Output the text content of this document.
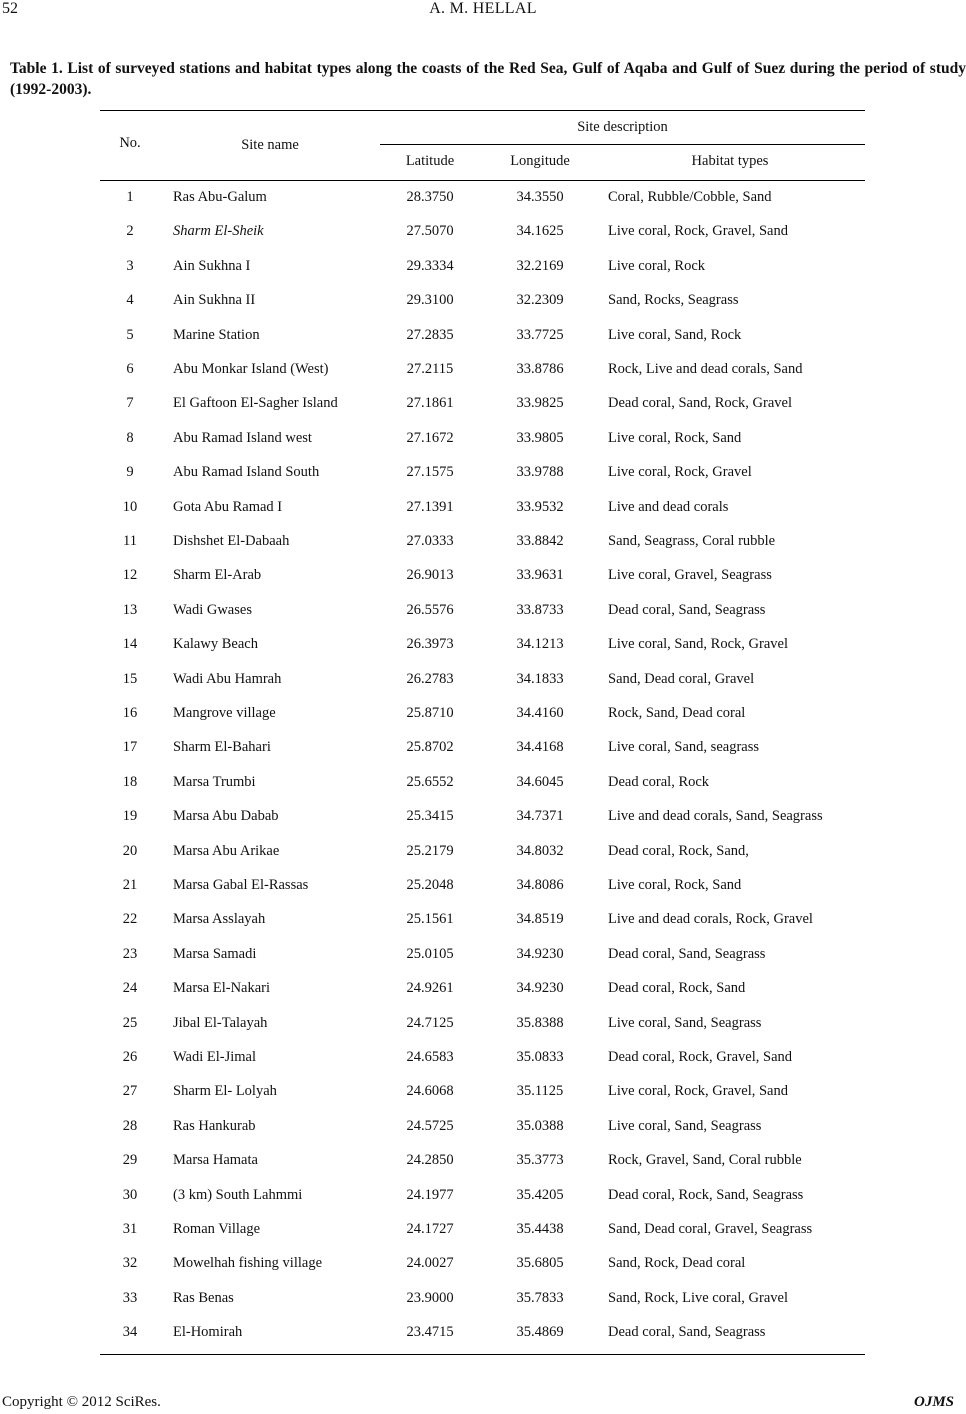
52	A. M. HELLAL
Table 1. List of surveyed stations and habitat types along the coasts of the Red Sea, Gulf of Aqaba and Gulf of Suez during the period of study (1992-2003).
No.	Site name
Site description
Latitude	Longitude	Habitat types
1	Ras Abu-Galum	28.3750	34.3550	Coral, Rubble/Cobble, Sand
2	Sharm El-Sheik	27.5070	34.1625	Live coral, Rock, Gravel, Sand
3	Ain Sukhna I	29.3334	32.2169	Live coral, Rock
4	Ain Sukhna II	29.3100	32.2309	Sand, Rocks, Seagrass
5	Marine Station	27.2835	33.7725	Live coral, Sand, Rock
6	Abu Monkar Island (West)	27.2115	33.8786	Rock, Live and dead corals, Sand
7	El Gaftoon El-Sagher Island	27.1861	33.9825	Dead coral, Sand, Rock, Gravel
8	Abu Ramad Island west	27.1672	33.9805	Live coral, Rock, Sand
9	Abu Ramad Island South	27.1575	33.9788	Live coral, Rock, Gravel
10	Gota Abu Ramad I	27.1391	33.9532	Live and dead corals
11	Dishshet El-Dabaah	27.0333	33.8842	Sand, Seagrass, Coral rubble
12	Sharm El-Arab	26.9013	33.9631	Live coral, Gravel, Seagrass
13	Wadi Gwases	26.5576	33.8733	Dead coral, Sand, Seagrass
14	Kalawy Beach	26.3973	34.1213	Live coral, Sand, Rock, Gravel
15	Wadi Abu Hamrah	26.2783	34.1833	Sand, Dead coral, Gravel
16	Mangrove village	25.8710	34.4160	Rock, Sand, Dead coral
17	Sharm El-Bahari	25.8702	34.4168	Live coral, Sand, seagrass
18	Marsa Trumbi	25.6552	34.6045	Dead coral, Rock
19	Marsa Abu Dabab	25.3415	34.7371	Live and dead corals, Sand, Seagrass
20	Marsa Abu Arikae	25.2179	34.8032	Dead coral, Rock, Sand,
21	Marsa Gabal El-Rassas	25.2048	34.8086	Live coral, Rock, Sand
22	Marsa Asslayah	25.1561	34.8519	Live and dead corals, Rock, Gravel
23	Marsa Samadi	25.0105	34.9230	Dead coral, Sand, Seagrass
24	Marsa El-Nakari	24.9261	34.9230	Dead coral, Rock, Sand
25	Jibal El-Talayah	24.7125	35.8388	Live coral, Sand, Seagrass
26	Wadi El-Jimal	24.6583	35.0833	Dead coral, Rock, Gravel, Sand
27	Sharm El- Lolyah	24.6068	35.1125	Live coral, Rock, Gravel, Sand
28	Ras Hankurab	24.5725	35.0388	Live coral, Sand, Seagrass
29	Marsa Hamata	24.2850	35.3773	Rock, Gravel, Sand, Coral rubble
30	(3 km) South Lahmmi	24.1977	35.4205	Dead coral, Rock, Sand, Seagrass
31	Roman Village	24.1727	35.4438	Sand, Dead coral, Gravel, Seagrass
32	Mowelhah fishing village	24.0027	35.6805	Sand, Rock, Dead coral
33	Ras Benas	23.9000	35.7833	Sand, Rock, Live coral, Gravel
34	El-Homirah	23.4715	35.4869	Dead coral, Sand, Seagrass
Copyright © 2012 SciRes.	OJMS
